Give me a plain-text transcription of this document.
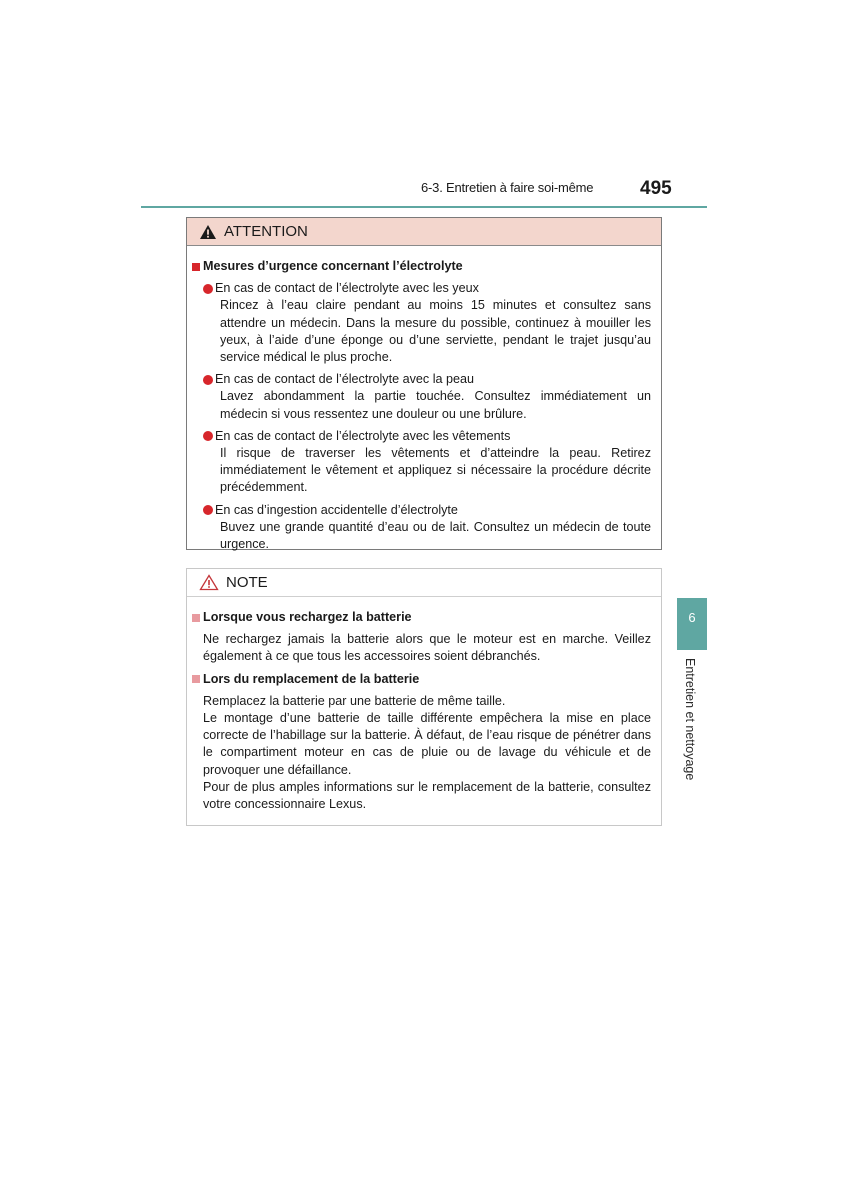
6-3. Entretien à faire soi-même 495
ATTENTION
Mesures d’urgence concernant l’électrolyte
En cas de contact de l’électrolyte avec les yeux
Rincez à l’eau claire pendant au moins 15 minutes et consultez sans attendre un médecin. Dans la mesure du possible, continuez à mouiller les yeux, à l’aide d’une éponge ou d’une serviette, pendant le trajet jusqu’au service médical le plus proche.
En cas de contact de l’électrolyte avec la peau
Lavez abondamment la partie touchée. Consultez immédiatement un médecin si vous ressentez une douleur ou une brûlure.
En cas de contact de l’électrolyte avec les vêtements
Il risque de traverser les vêtements et d’atteindre la peau. Retirez immédiatement le vêtement et appliquez si nécessaire la procédure décrite précédemment.
En cas d’ingestion accidentelle d’électrolyte
Buvez une grande quantité d’eau ou de lait. Consultez un médecin de toute urgence.
NOTE
Lorsque vous rechargez la batterie
Ne rechargez jamais la batterie alors que le moteur est en marche. Veillez également à ce que tous les accessoires soient débranchés.
Lors du remplacement de la batterie
Remplacez la batterie par une batterie de même taille.
Le montage d’une batterie de taille différente empêchera la mise en place correcte de l’habillage sur la batterie. À défaut, de l’eau risque de pénétrer dans le compartiment moteur en cas de pluie ou de lavage du véhicule et de provoquer une défaillance.
Pour de plus amples informations sur le remplacement de la batterie, consultez votre concessionnaire Lexus.
6
Entretien et nettoyage
